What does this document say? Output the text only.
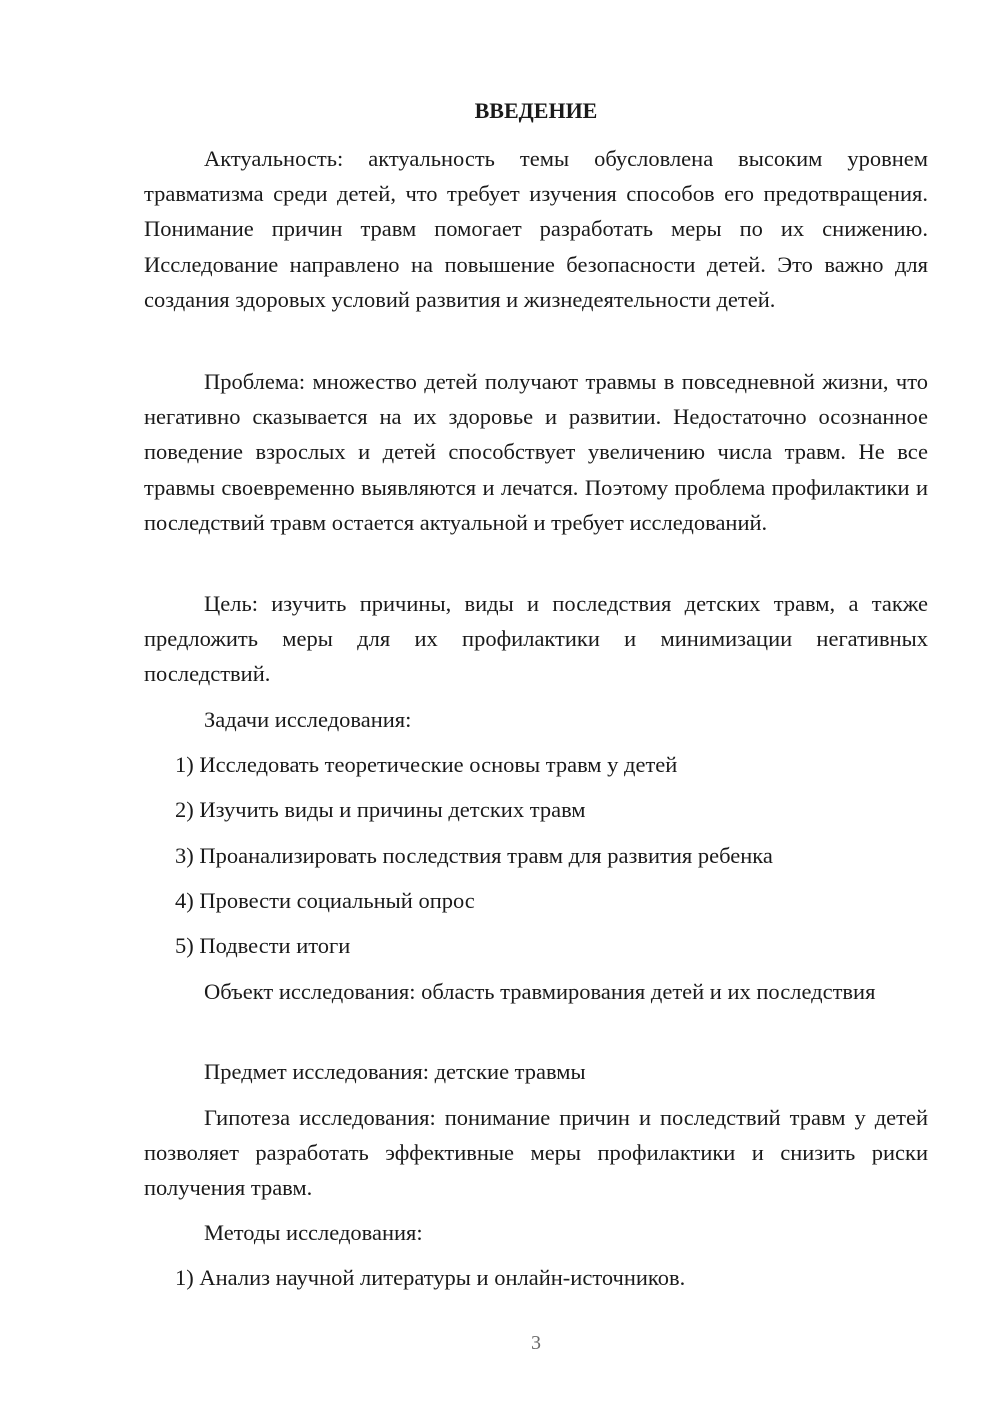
ВВЕДЕНИЕ

Актуальность: актуальность темы обусловлена высоким уровнем травматизма среди детей, что требует изучения способов его предотвращения. Понимание причин травм помогает разработать меры по их снижению. Исследование направлено на повышение безопасности детей. Это важно для создания здоровых условий развития и жизнедеятельности детей.

Проблема: множество детей получают травмы в повседневной жизни, что негативно сказывается на их здоровье и развитии. Недостаточно осознанное поведение взрослых и детей способствует увеличению числа травм. Не все травмы своевременно выявляются и лечатся. Поэтому проблема профилактики и последствий травм остается актуальной и требует исследований.

Цель: изучить причины, виды и последствия детских травм, а также предложить меры для их профилактики и минимизации негативных последствий.

Задачи исследования:

1) Исследовать теоретические основы травм у детей

2) Изучить виды и причины детских травм

3) Проанализировать последствия травм для развития ребенка

4) Провести социальный опрос

5) Подвести итоги

Объект исследования: область травмирования детей и их последствия

Предмет исследования: детские травмы

Гипотеза исследования: понимание причин и последствий травм у детей позволяет разработать эффективные меры профилактики и снизить риски получения травм.

Методы исследования:

1) Анализ научной литературы и онлайн-источников.

3
